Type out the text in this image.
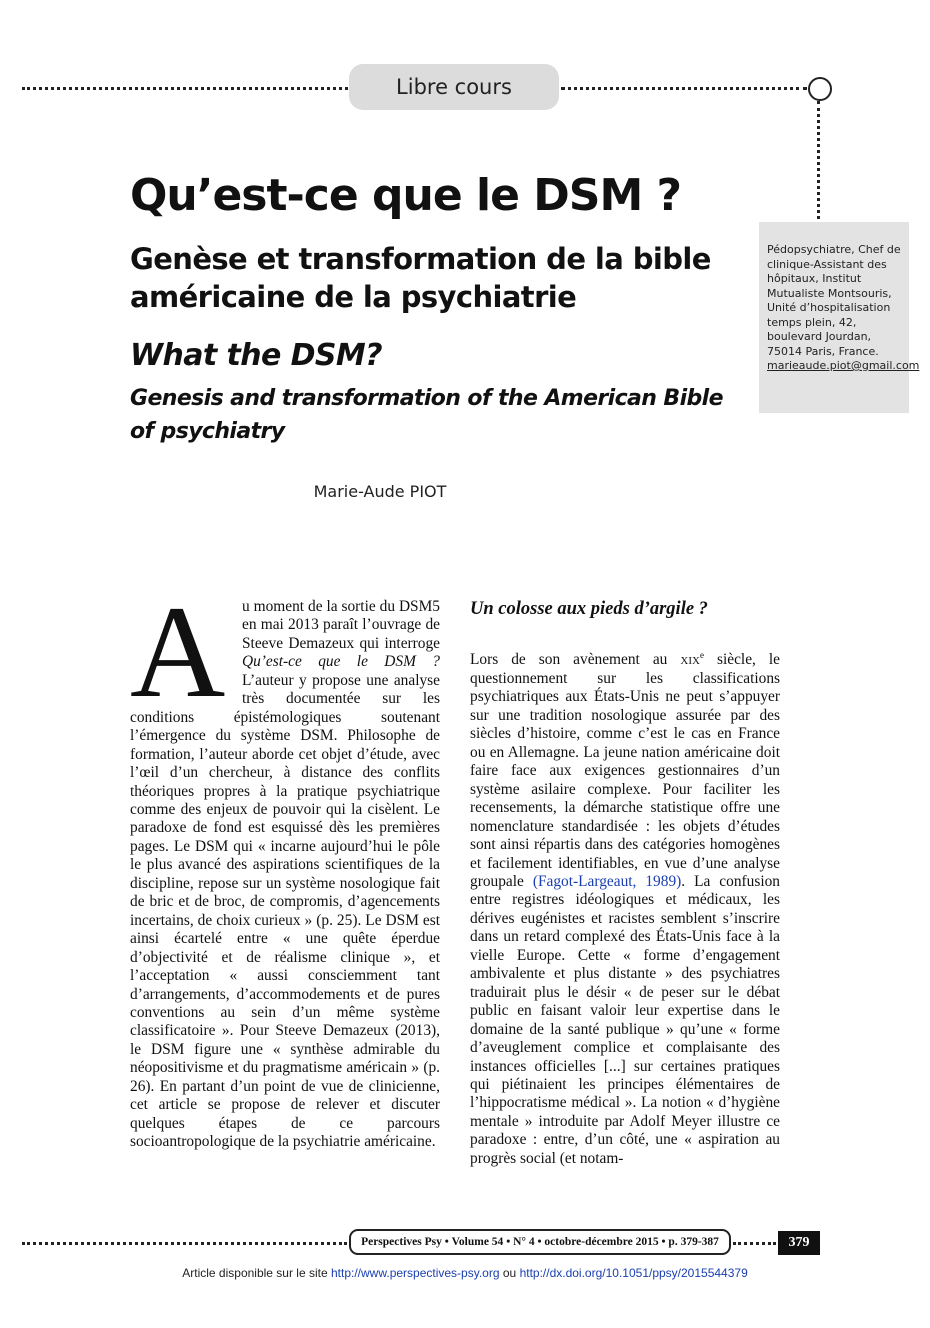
Libre cours
Qu’est-ce que le DSM ?
Genèse et transformation de la bible américaine de la psychiatrie
What the DSM?
Genesis and transformation of the American Bible of psychiatry
Marie-Aude PIOT
Pédopsychiatre, Chef de clinique-Assistant des hôpitaux, Institut Mutualiste Montsouris, Unité d’hospitalisation temps plein, 42, boulevard Jourdan, 75014 Paris, France.
marieaude.piot@gmail.com
A	u moment de la sortie du DSM5 en mai 2013 paraît l’ouvrage de Steeve Demazeux qui interroge Qu’est-ce que le DSM ? L’auteur y propose une analyse très documentée sur les conditions épistémologiques soutenant l’émergence du système DSM. Philosophe de formation, l’auteur aborde cet objet d’étude, avec l’œil d’un chercheur, à distance des conflits théoriques propres à la pratique psychiatrique comme des enjeux de pouvoir qui la cisèlent. Le paradoxe de fond est esquissé dès les premières pages. Le DSM qui « incarne aujourd’hui le pôle le plus avancé des aspirations scientifiques de la discipline, repose sur un système nosologique fait de bric et de broc, de compromis, d’agencements incertains, de choix curieux » (p. 25). Le DSM est ainsi écartelé entre « une quête éperdue d’objectivité et de réalisme clinique », et l’acceptation « aussi consciemment tant d’arrangements, d’accommodements et de pures conventions au sein d’un même système classificatoire ». Pour Steeve Demazeux (2013), le DSM figure une « synthèse admirable du néopositivisme et du pragmatisme américain » (p. 26). En partant d’un point de vue de clinicienne, cet article se propose de relever et discuter quelques étapes de ce parcours socioantropologique de la psychiatrie américaine.
Un colosse aux pieds d’argile ?
Lors de son avènement au xix$^e$ siècle, le questionnement sur les classifications psychiatriques aux États-Unis ne peut s’appuyer sur une tradition nosologique assurée par des siècles d’histoire, comme c’est le cas en France ou en Allemagne. La jeune nation américaine doit faire face aux exigences gestionnaires d’un système asilaire complexe. Pour faciliter les recensements, la démarche statistique offre une nomenclature standardisée : les objets d’études sont ainsi répartis dans des catégories homogènes et facilement identifiables, en vue d’une analyse groupale (Fagot-Largeaut, 1989). La confusion entre registres idéologiques et médicaux, les dérives eugénistes et racistes semblent s’inscrire dans un retard complexé des États-Unis face à la vielle Europe. Cette « forme d’engagement ambivalente et plus distante » des psychiatres traduirait plus le désir « de peser sur le débat public en faisant valoir leur expertise dans le domaine de la santé publique » qu’une « forme d’aveuglement complice et complaisante des instances officielles [...] sur certaines pratiques qui piétinaient les principes élémentaires de l’hippocratisme médical ». La notion « d’hygiène mentale » introduite par Adolf Meyer illustre ce paradoxe : entre, d’un côté, une « aspiration au progrès social (et notam-
Perspectives Psy
•
Volume 54
•
N° 4
•
octobre-décembre 2015
•
p. 379-387	379
Article disponible sur le site http://www.perspectives-psy.org ou http://dx.doi.org/10.1051/ppsy/2015544379
